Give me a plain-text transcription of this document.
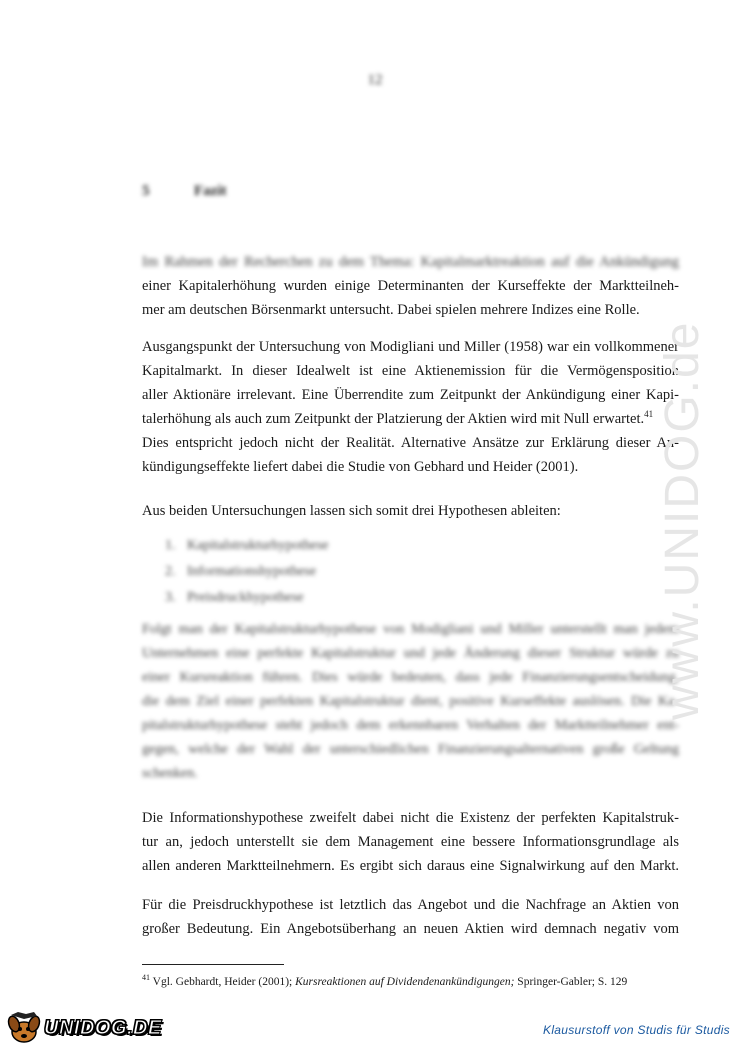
12
5	Fazit
Im Rahmen der Recherchen zu dem Thema: Kapitalmarktreaktion auf die Ankündigung
einer Kapitalerhöhung wurden einige Determinanten der Kurseffekte der Marktteilneh-
mer am deutschen Börsenmarkt untersucht. Dabei spielen mehrere Indizes eine Rolle.
Ausgangspunkt der Untersuchung von Modigliani und Miller (1958) war ein vollkommener
Kapitalmarkt. In dieser Idealwelt ist eine Aktienemission für die Vermögensposition
aller Aktionäre irrelevant. Eine Überrendite zum Zeitpunkt der Ankündigung einer Kapi-
talerhöhung als auch zum Zeitpunkt der Platzierung der Aktien wird mit Null erwartet.$^{41}$
Dies entspricht jedoch nicht der Realität. Alternative Ansätze zur Erklärung dieser An-
kündigungseffekte liefert dabei die Studie von Gebhard und Heider (2001).
Aus beiden Untersuchungen lassen sich somit drei Hypothesen ableiten:
1. Kapitalstrukturhypothese
2. Informationshypothese
3. Preisdruckhypothese
Folgt man der Kapitalstrukturhypothese von Modigliani und Miller unterstellt man jedem
Unternehmen eine perfekte Kapitalstruktur und jede Änderung dieser Struktur würde zu
einer Kursreaktion führen. Dies würde bedeuten, dass jede Finanzierungsentscheidung,
die dem Ziel einer perfekten Kapitalstruktur dient, positive Kurseffekte auslösen. Die Ka-
pitalstrukturhypothese steht jedoch dem erkennbaren Verhalten der Marktteilnehmer ent-
gegen, welche der Wahl der unterschiedlichen Finanzierungsalternativen große Geltung
schenken.
Die Informationshypothese zweifelt dabei nicht die Existenz der perfekten Kapitalstruk-
tur an, jedoch unterstellt sie dem Management eine bessere Informationsgrundlage als
allen anderen Marktteilnehmern. Es ergibt sich daraus eine Signalwirkung auf den Markt.
Für die Preisdruckhypothese ist letztlich das Angebot und die Nachfrage an Aktien von
großer Bedeutung. Ein Angebotsüberhang an neuen Aktien wird demnach negativ vom
$^{41}$ Vgl. Gebhardt, Heider (2001); Kursreaktionen auf Dividendenankündigungen; Springer-Gabler; S. 129
www.UNIDOG.de
UNIDOG.DE	Klausurstoff von Studis für Studis
